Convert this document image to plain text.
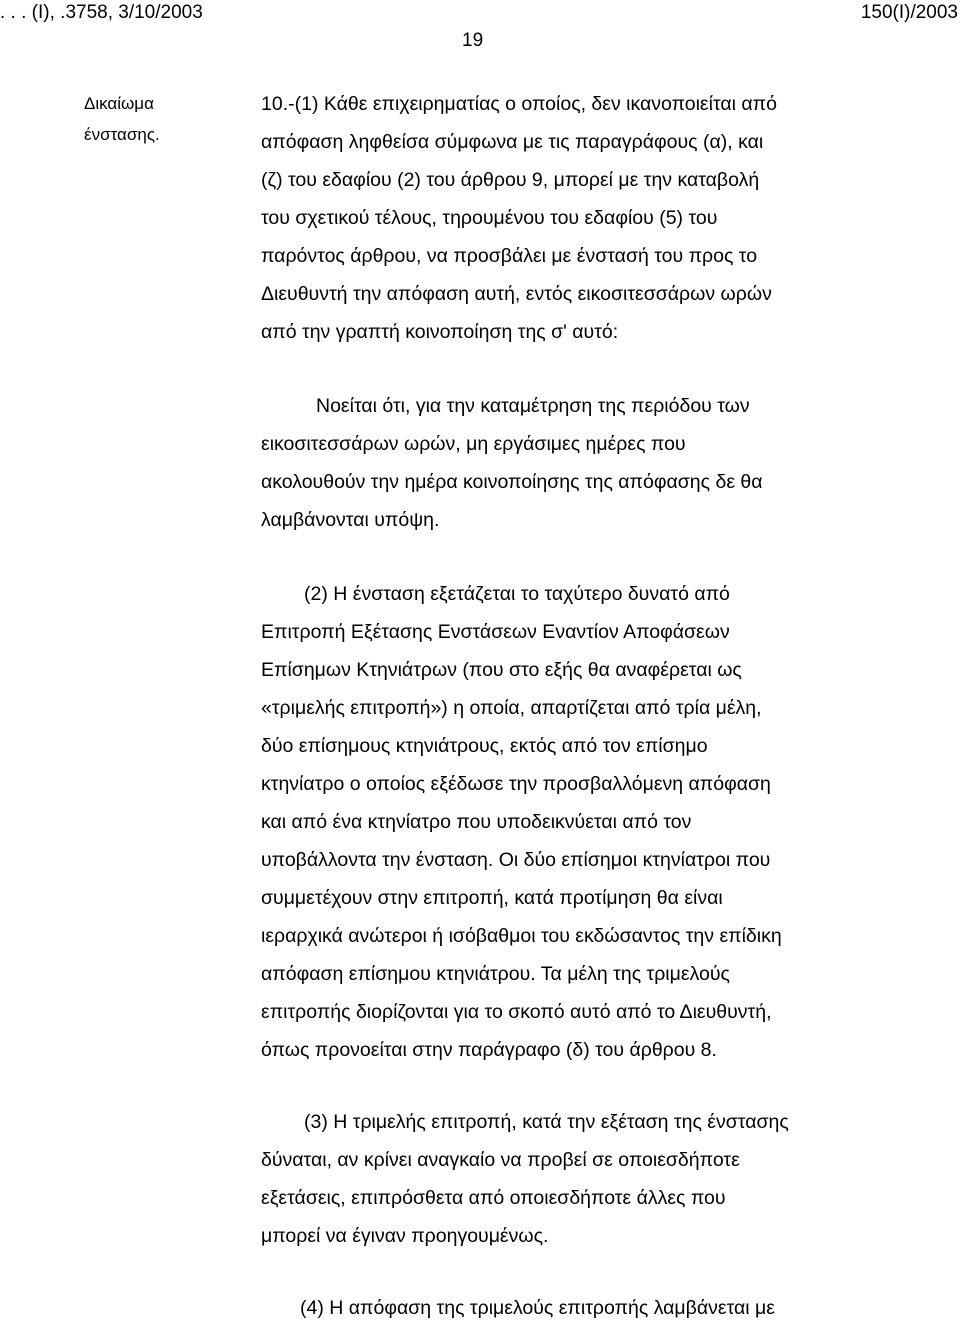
. . . (I), .3758, 3/10/2003	150(I)/2003
19
Δικαίωμα
ένστασης.
10.-(1) Κάθε επιχειρηματίας ο οποίος, δεν ικανοποιείται από
απόφαση ληφθείσα σύμφωνα με τις παραγράφους (α), και
(ζ) του εδαφίου (2) του άρθρου 9, μπορεί με την καταβολή
του σχετικού τέλους, τηρουμένου του εδαφίου (5) του
παρόντος άρθρου, να προσβάλει με ένστασή του προς το
Διευθυντή την απόφαση αυτή, εντός εικοσιτεσσάρων ωρών
από την γραπτή κοινοποίηση της σ' αυτό:
Νοείται ότι, για την καταμέτρηση της περιόδου των
εικοσιτεσσάρων ωρών, μη εργάσιμες ημέρες που
ακολουθούν την ημέρα κοινοποίησης της απόφασης δε θα
λαμβάνονται υπόψη.
(2) Η ένσταση εξετάζεται το ταχύτερο δυνατό από
Επιτροπή Εξέτασης Ενστάσεων Εναντίον Αποφάσεων
Επίσημων Κτηνιάτρων (που στο εξής θα αναφέρεται ως
«τριμελής επιτροπή») η οποία, απαρτίζεται από τρία μέλη,
δύο επίσημους κτηνιάτρους, εκτός από τον επίσημο
κτηνίατρο ο οποίος εξέδωσε την προσβαλλόμενη απόφαση
και από ένα κτηνίατρο που υποδεικνύεται από τον
υποβάλλοντα την ένσταση. Οι δύο επίσημοι κτηνίατροι που
συμμετέχουν στην επιτροπή, κατά προτίμηση θα είναι
ιεραρχικά ανώτεροι ή ισόβαθμοι του εκδώσαντος την επίδικη
απόφαση επίσημου κτηνιάτρου. Τα μέλη της τριμελούς
επιτροπής διορίζονται για το σκοπό αυτό από το Διευθυντή,
όπως προνοείται στην παράγραφο (δ) του άρθρου 8.
(3) Η τριμελής επιτροπή, κατά την εξέταση της ένστασης
δύναται, αν κρίνει αναγκαίο να προβεί σε οποιεσδήποτε
εξετάσεις, επιπρόσθετα από οποιεσδήποτε άλλες που
μπορεί να έγιναν προηγουμένως.
(4) Η απόφαση της τριμελούς επιτροπής λαμβάνεται με
